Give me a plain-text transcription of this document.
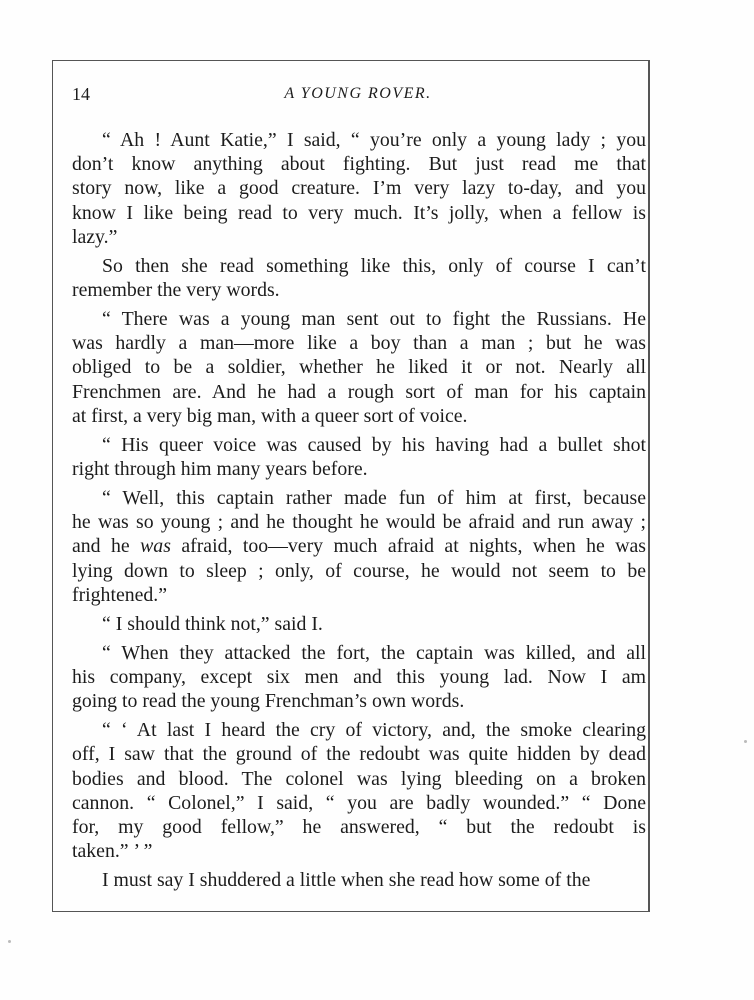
14	A YOUNG ROVER.

“ Ah ! Aunt Katie,” I said, “ you’re only a young lady ; you
don’t know anything about fighting. But just read me that
story now, like a good creature. I’m very lazy to-day, and you
know I like being read to very much. It’s jolly, when a fellow is
lazy.”

So then she read something like this, only of course I can’t
remember the very words.

“ There was a young man sent out to fight the Russians. He
was hardly a man—more like a boy than a man ; but he was
obliged to be a soldier, whether he liked it or not. Nearly all
Frenchmen are. And he had a rough sort of man for his captain
at first, a very big man, with a queer sort of voice.

“ His queer voice was caused by his having had a bullet shot
right through him many years before.

“ Well, this captain rather made fun of him at first, because
he was so young ; and he thought he would be afraid and run away ;
and he was afraid, too—very much afraid at nights, when he was
lying down to sleep ; only, of course, he would not seem to be
frightened.”

“ I should think not,” said I.

“ When they attacked the fort, the captain was killed, and all
his company, except six men and this young lad. Now I am
going to read the young Frenchman’s own words.

“ ‘ At last I heard the cry of victory, and, the smoke clearing
off, I saw that the ground of the redoubt was quite hidden by dead
bodies and blood. The colonel was lying bleeding on a broken
cannon. “ Colonel,” I said, “ you are badly wounded.” “ Done
for, my good fellow,” he answered, “ but the redoubt is
taken.” ’ ”

I must say I shuddered a little when she read how some of the
